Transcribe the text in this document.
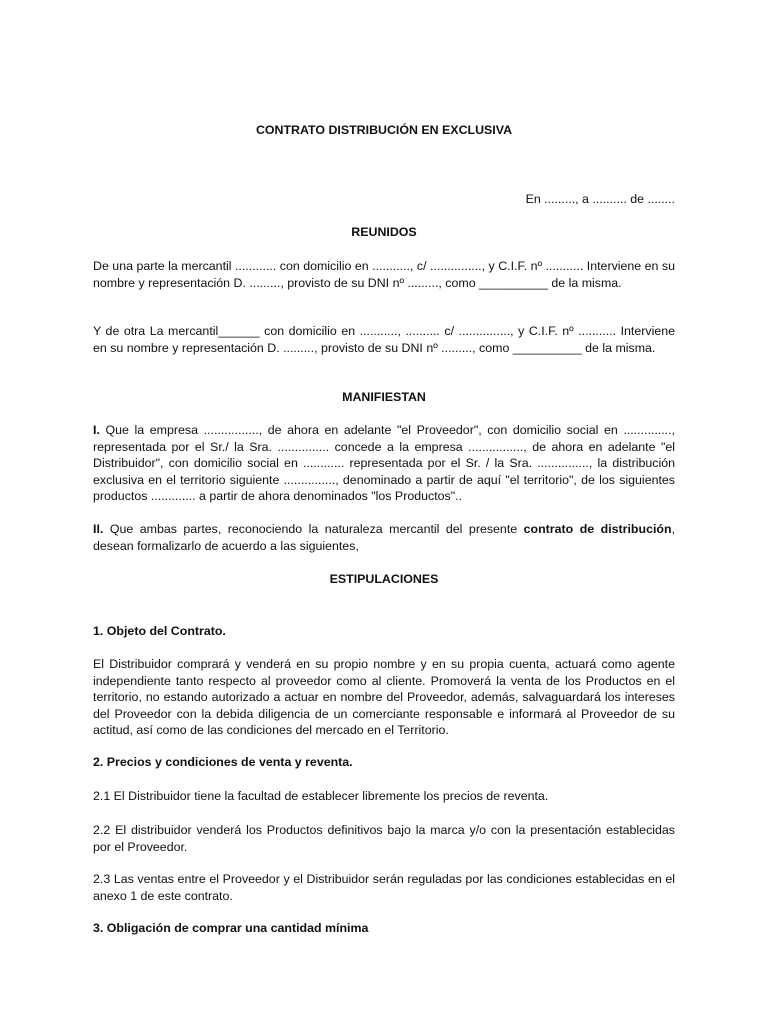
CONTRATO DISTRIBUCIÓN EN EXCLUSIVA
En ........., a .......... de ........
REUNIDOS
De una parte la mercantil ............ con domicilio en ..........., c/ ..............., y C.I.F. nº ........... Interviene en su nombre y representación D. ........., provisto de su DNI nº ........., como __________ de la misma.
Y de otra La mercantil______ con domicilio en ..........., .......... c/ ..............., y C.I.F. nº ........... Interviene en su nombre y representación D. ........., provisto de su DNI nº ........., como __________ de la misma.
MANIFIESTAN
I. Que la empresa ................, de ahora en adelante "el Proveedor", con domicilio social en .............., representada por el Sr./ la Sra. ............... concede a la empresa ................, de ahora en adelante "el Distribuidor", con domicilio social en ............ representada por el Sr. / la Sra. ..............., la distribución exclusiva en el territorio siguiente ..............., denominado a partir de aquí "el territorio", de los siguientes productos ............. a partir de ahora denominados "los Productos"..
II. Que ambas partes, reconociendo la naturaleza mercantil del presente contrato de distribución, desean formalizarlo de acuerdo a las siguientes,
ESTIPULACIONES
1. Objeto del Contrato.
El Distribuidor comprará y venderá en su propio nombre y en su propia cuenta, actuará como agente independiente tanto respecto al proveedor como al cliente. Promoverá la venta de los Productos en el territorio, no estando autorizado a actuar en nombre del Proveedor, además, salvaguardará los intereses del Proveedor con la debida diligencia de un comerciante responsable e informará al Proveedor de su actitud, así como de las condiciones del mercado en el Territorio.
2. Precios y condiciones de venta y reventa.
2.1 El Distribuidor tiene la facultad de establecer libremente los precios de reventa.
2.2 El distribuidor venderá los Productos definitivos bajo la marca y/o con la presentación establecidas por el Proveedor.
2.3 Las ventas entre el Proveedor y el Distribuidor serán reguladas por las condiciones establecidas en el anexo 1 de este contrato.
3. Obligación de comprar una cantidad mínima
